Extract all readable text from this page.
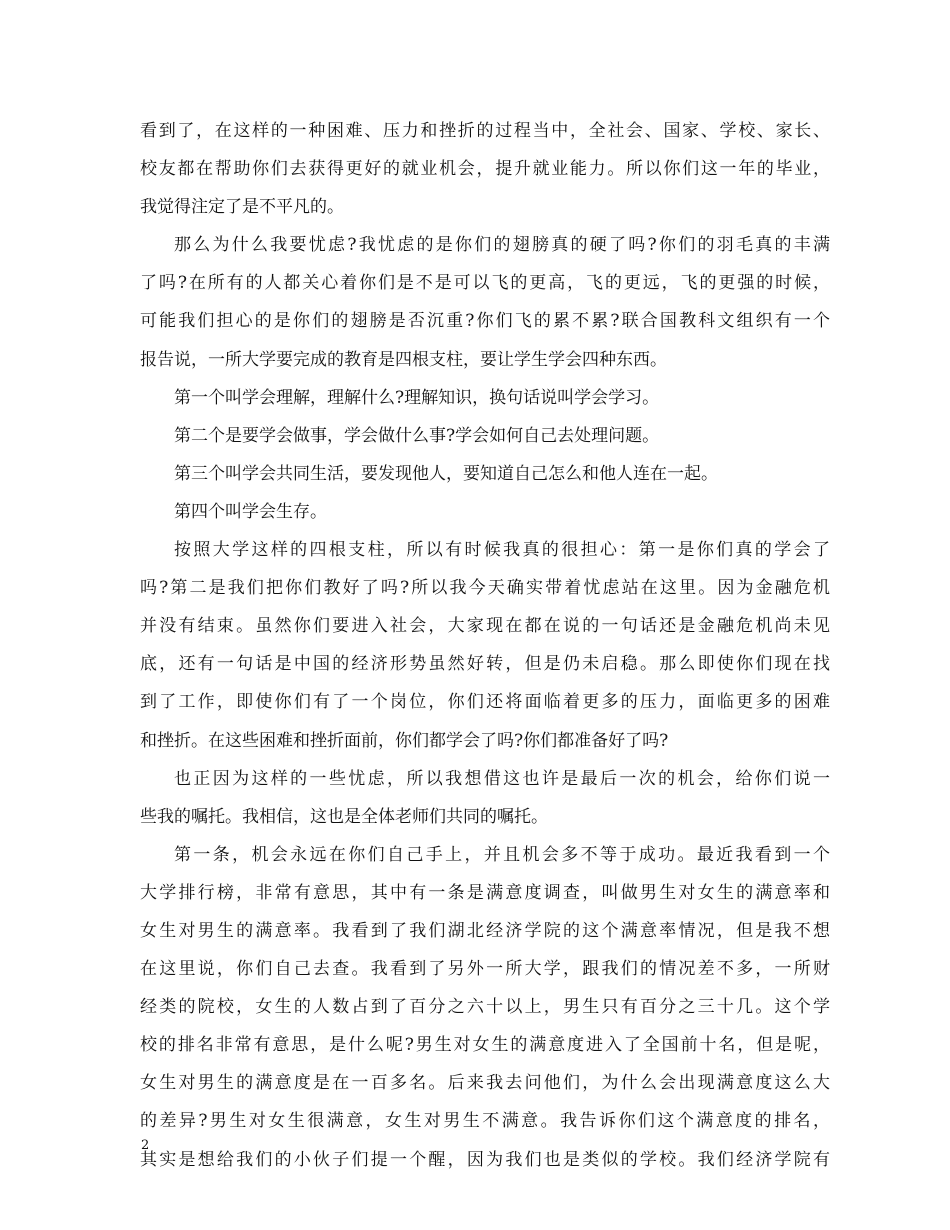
看到了，在这样的一种困难、压力和挫折的过程当中，全社会、国家、学校、家长、
校友都在帮助你们去获得更好的就业机会，提升就业能力。所以你们这一年的毕业，
我觉得注定了是不平凡的。
那么为什么我要忧虑?我忧虑的是你们的翅膀真的硬了吗?你们的羽毛真的丰满
了吗?在所有的人都关心着你们是不是可以飞的更高，飞的更远，飞的更强的时候，
可能我们担心的是你们的翅膀是否沉重?你们飞的累不累?联合国教科文组织有一个
报告说，一所大学要完成的教育是四根支柱，要让学生学会四种东西。
第一个叫学会理解，理解什么?理解知识，换句话说叫学会学习。
第二个是要学会做事，学会做什么事?学会如何自己去处理问题。
第三个叫学会共同生活，要发现他人，要知道自己怎么和他人连在一起。
第四个叫学会生存。
按照大学这样的四根支柱，所以有时候我真的很担心：第一是你们真的学会了
吗?第二是我们把你们教好了吗?所以我今天确实带着忧虑站在这里。因为金融危机
并没有结束。虽然你们要进入社会，大家现在都在说的一句话还是金融危机尚未见
底，还有一句话是中国的经济形势虽然好转，但是仍未启稳。那么即使你们现在找
到了工作，即使你们有了一个岗位，你们还将面临着更多的压力，面临更多的困难
和挫折。在这些困难和挫折面前，你们都学会了吗?你们都准备好了吗?
也正因为这样的一些忧虑，所以我想借这也许是最后一次的机会，给你们说一
些我的嘱托。我相信，这也是全体老师们共同的嘱托。
第一条，机会永远在你们自己手上，并且机会多不等于成功。最近我看到一个
大学排行榜，非常有意思，其中有一条是满意度调查，叫做男生对女生的满意率和
女生对男生的满意率。我看到了我们湖北经济学院的这个满意率情况，但是我不想
在这里说，你们自己去查。我看到了另外一所大学，跟我们的情况差不多，一所财
经类的院校，女生的人数占到了百分之六十以上，男生只有百分之三十几。这个学
校的排名非常有意思，是什么呢?男生对女生的满意度进入了全国前十名，但是呢，
女生对男生的满意度是在一百多名。后来我去问他们，为什么会出现满意度这么大
的差异?男生对女生很满意，女生对男生不满意。我告诉你们这个满意度的排名，
其实是想给我们的小伙子们提一个醒，因为我们也是类似的学校。我们经济学院有
2
